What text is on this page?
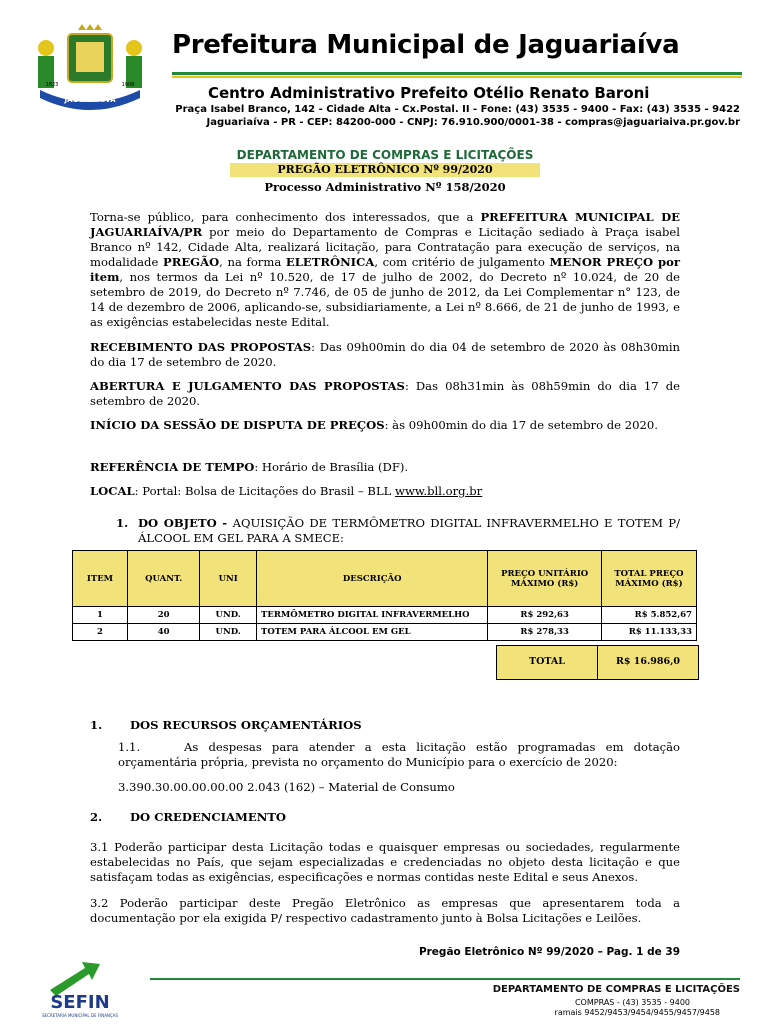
JAGUARIAÍVA
1823	1908
Prefeitura Municipal de Jaguariaíva
Centro Administrativo Prefeito Otélio Renato Baroni
Praça Isabel Branco, 142 - Cidade Alta - Cx.Postal. II - Fone: (43) 3535 - 9400 - Fax: (43) 3535 - 9422
Jaguariaíva - PR - CEP: 84200-000 - CNPJ: 76.910.900/0001-38 - compras@jaguariaiva.pr.gov.br
DEPARTAMENTO DE COMPRAS E LICITAÇÕES
PREGÃO ELETRÔNICO Nº 99/2020
Processo Administrativo Nº 158/2020
Torna-se público, para conhecimento dos interessados, que a PREFEITURA MUNICIPAL DE JAGUARIAÍVA/PR por meio do Departamento de Compras e Licitação sediado à Praça isabel Branco nº 142, Cidade Alta, realizará licitação, para Contratação para execução de serviços, na modalidade PREGÃO, na forma ELETRÔNICA, com critério de julgamento MENOR PREÇO por item, nos termos da Lei nº 10.520, de 17 de julho de 2002, do Decreto nº 10.024, de 20 de setembro de 2019, do Decreto nº 7.746, de 05 de junho de 2012, da Lei Complementar n° 123, de 14 de dezembro de 2006, aplicando-se, subsidiariamente, a Lei nº 8.666, de 21 de junho de 1993, e as exigências estabelecidas neste Edital.
RECEBIMENTO DAS PROPOSTAS: Das 09h00min do dia 04 de setembro de 2020 às 08h30min do dia 17 de setembro de 2020.
ABERTURA E JULGAMENTO DAS PROPOSTAS: Das 08h31min às 08h59min do dia 17 de setembro de 2020.
INÍCIO DA SESSÃO DE DISPUTA DE PREÇOS: às 09h00min do dia 17 de setembro de 2020.
REFERÊNCIA DE TEMPO: Horário de Brasília (DF).
LOCAL: Portal: Bolsa de Licitações do Brasil – BLL www.bll.org.br
1. DO OBJETO - AQUISIÇÃO DE TERMÔMETRO DIGITAL INFRAVERMELHO E TOTEM P/ ÁLCOOL EM GEL PARA A SMECE:
ITEM	QUANT.	UNI	DESCRIÇÃO	PREÇO UNITÁRIO MÁXIMO (R$)	TOTAL PREÇO MÁXIMO (R$)
1	20	UND.	TERMÔMETRO DIGITAL INFRAVERMELHO	R$ 292,63	R$ 5.852,67
2	40	UND.	TOTEM PARA ÁLCOOL EM GEL	R$ 278,33	R$ 11.133,33
TOTAL	R$ 16.986,0
1. DOS RECURSOS ORÇAMENTÁRIOS
1.1.	As despesas para atender a esta licitação estão programadas em dotação orçamentária própria, prevista no orçamento do Município para o exercício de 2020:
3.390.30.00.00.00.00 2.043 (162) – Material de Consumo
2. DO CREDENCIAMENTO
3.1 Poderão participar desta Licitação todas e quaisquer empresas ou sociedades, regularmente estabelecidas no País, que sejam especializadas e credenciadas no objeto desta licitação e que satisfaçam todas as exigências, especificações e normas contidas neste Edital e seus Anexos.
3.2 Poderão participar deste Pregão Eletrônico as empresas que apresentarem toda a documentação por ela exigida P/ respectivo cadastramento junto à Bolsa Licitações e Leilões.
Pregão Eletrônico Nº 99/2020 – Pag. 1 de 39
SEFIN
SECRETARIA MUNICIPAL DE FINANÇAS
DEPARTAMENTO DE COMPRAS E LICITAÇÕES
COMPRAS - (43) 3535 - 9400
ramais 9452/9453/9454/9455/9457/9458
